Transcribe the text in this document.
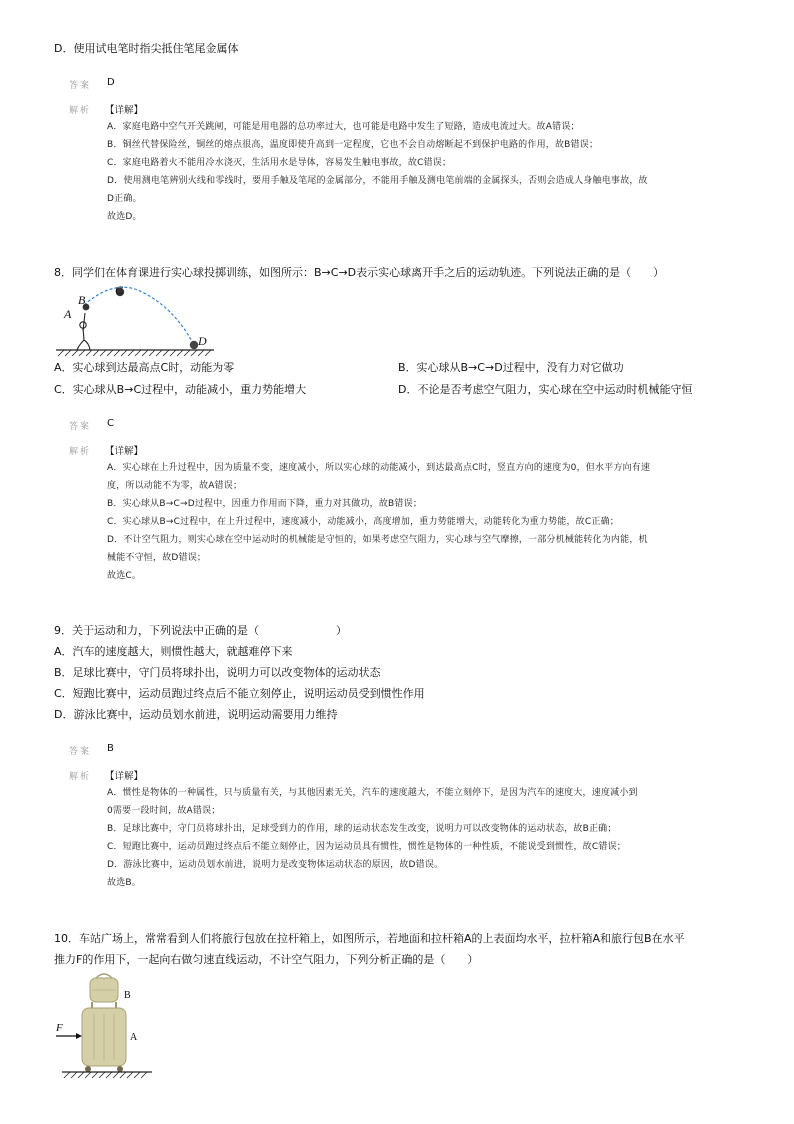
D．使用试电笔时指尖抵住笔尾金属体
答案 D
解析 【详解】
A．家庭电路中空气开关跳闸，可能是用电器的总功率过大，也可能是电路中发生了短路，造成电流过大。故A错误；
B．铜丝代替保险丝，铜丝的熔点很高，温度即使升高到一定程度，它也不会自动熔断起不到保护电路的作用，故B错误；
C．家庭电路着火不能用冷水浇灭，生活用水是导体，容易发生触电事故，故C错误；
D．使用测电笔辨别火线和零线时，要用手触及笔尾的金属部分，不能用手触及测电笔前端的金属探头，否则会造成人身触电事故，故
D正确。
故选D。
8．同学们在体育课进行实心球投掷训练，如图所示：B→C→D表示实心球离开手之后的运动轨迹。下列说法正确的是（　　）
A
B
C
D
A．实心球到达最高点C时，动能为零	B．实心球从B→C→D过程中，没有力对它做功
C．实心球从B→C过程中，动能减小，重力势能增大	D．不论是否考虑空气阻力，实心球在空中运动时机械能守恒
答案 C
解析 【详解】
A．实心球在上升过程中，因为质量不变，速度减小，所以实心球的动能减小，到达最高点C时，竖直方向的速度为0，但水平方向有速
度，所以动能不为零，故A错误；
B．实心球从B→C→D过程中，因重力作用而下降，重力对其做功，故B错误；
C．实心球从B→C过程中，在上升过程中，速度减小，动能减小，高度增加，重力势能增大，动能转化为重力势能，故C正确；
D．不计空气阻力，则实心球在空中运动时的机械能是守恒的，如果考虑空气阻力，实心球与空气摩擦，一部分机械能转化为内能，机
械能不守恒，故D错误；
故选C。
9．关于运动和力，下列说法中正确的是（　　　　　　　）
A．汽车的速度越大，则惯性越大，就越难停下来
B．足球比赛中，守门员将球扑出，说明力可以改变物体的运动状态
C．短跑比赛中，运动员跑过终点后不能立刻停止，说明运动员受到惯性作用
D．游泳比赛中，运动员划水前进，说明运动需要用力维持
答案 B
解析 【详解】
A．惯性是物体的一种属性，只与质量有关，与其他因素无关，汽车的速度越大，不能立刻停下，是因为汽车的速度大，速度减小到
0需要一段时间，故A错误；
B．足球比赛中，守门员将球扑出，足球受到力的作用，球的运动状态发生改变，说明力可以改变物体的运动状态，故B正确；
C．短跑比赛中，运动员跑过终点后不能立刻停止，因为运动员具有惯性，惯性是物体的一种性质，不能说受到惯性，故C错误；
D．游泳比赛中，运动员划水前进，说明力是改变物体运动状态的原因，故D错误。
故选B。
10．车站广场上，常常看到人们将旅行包放在拉杆箱上，如图所示，若地面和拉杆箱A的上表面均水平，拉杆箱A和旅行包B在水平
推力F的作用下，一起向右做匀速直线运动，不计空气阻力，下列分析正确的是（　　）
F
B
A
